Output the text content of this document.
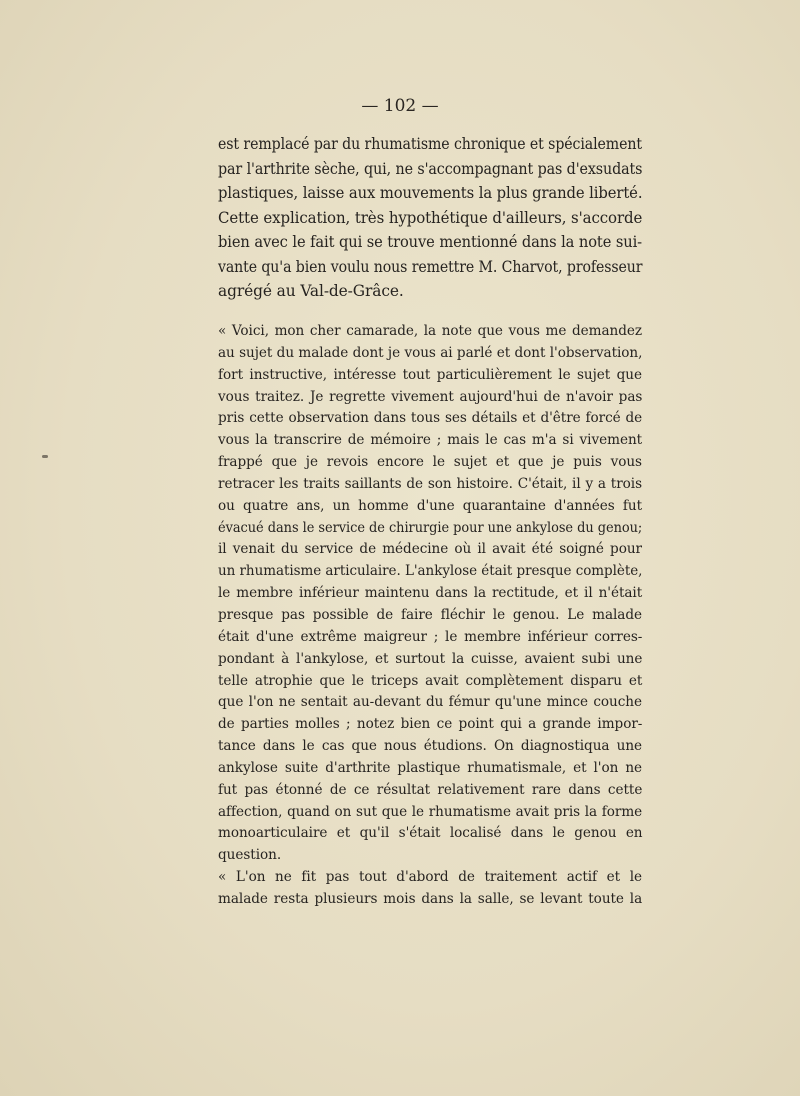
— 102 —
est remplacé par du rhumatisme chronique et spécialement
par l'arthrite sèche, qui, ne s'accompagnant pas d'exsudats
plastiques, laisse aux mouvements la plus grande liberté.
Cette explication, très hypothétique d'ailleurs, s'accorde
bien avec le fait qui se trouve mentionné dans la note sui-
vante qu'a bien voulu nous remettre M. Charvot, professeur
agrégé au Val-de-Grâce.
« Voici, mon cher camarade, la note que vous me demandez
au sujet du malade dont je vous ai parlé et dont l'observation,
fort instructive, intéresse tout particulièrement le sujet que
vous traitez. Je regrette vivement aujourd'hui de n'avoir pas
pris cette observation dans tous ses détails et d'être forcé de
vous la transcrire de mémoire ; mais le cas m'a si vivement
frappé que je revois encore le sujet et que je puis vous
retracer les traits saillants de son histoire. C'était, il y a trois
ou quatre ans, un homme d'une quarantaine d'années fut
évacué dans le service de chirurgie pour une ankylose du genou;
il venait du service de médecine où il avait été soigné pour
un rhumatisme articulaire. L'ankylose était presque complète,
le membre inférieur maintenu dans la rectitude, et il n'était
presque pas possible de faire fléchir le genou. Le malade
était d'une extrême maigreur ; le membre inférieur corres-
pondant à l'ankylose, et surtout la cuisse, avaient subi une
telle atrophie que le triceps avait complètement disparu et
que l'on ne sentait au-devant du fémur qu'une mince couche
de parties molles ; notez bien ce point qui a grande impor-
tance dans le cas que nous étudions. On diagnostiqua une
ankylose suite d'arthrite plastique rhumatismale, et l'on ne
fut pas étonné de ce résultat relativement rare dans cette
affection, quand on sut que le rhumatisme avait pris la forme
monoarticulaire et qu'il s'était localisé dans le genou en
question.
« L'on ne fit pas tout d'abord de traitement actif et le
malade resta plusieurs mois dans la salle, se levant toute la
